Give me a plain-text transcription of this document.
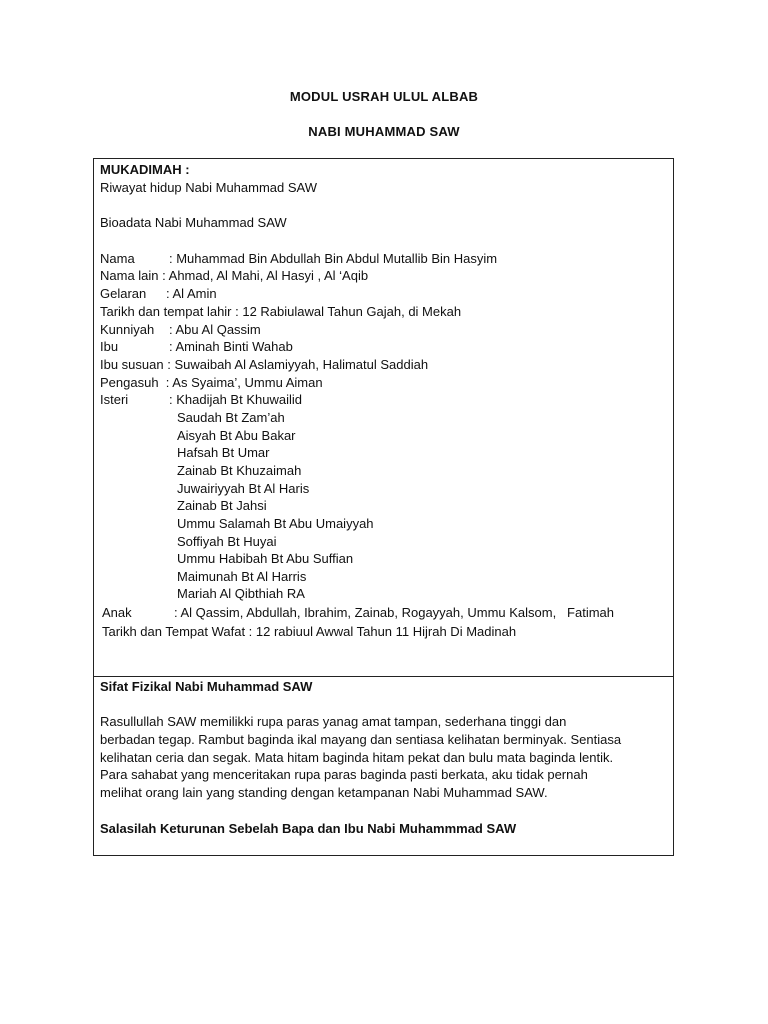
MODUL USRAH ULUL ALBAB
NABI MUHAMMAD SAW
MUKADIMAH :
Riwayat hidup Nabi Muhammad SAW
Bioadata Nabi Muhammad SAW
Nama	: Muhammad Bin Abdullah Bin Abdul Mutallib Bin Hasyim
Nama lain : Ahmad, Al Mahi, Al Hasyi , Al ‘Aqib
Gelaran : Al Amin
Tarikh dan tempat lahir : 12 Rabiulawal Tahun Gajah, di Mekah
Kunniyah : Abu Al Qassim
Ibu	: Aminah Binti Wahab
Ibu susuan : Suwaibah Al Aslamiyyah, Halimatul Saddiah
Pengasuh  : As Syaima’, Ummu Aiman
Isteri	: Khadijah Bt Khuwailid
Saudah Bt Zam’ah
Aisyah Bt Abu Bakar
Hafsah Bt Umar
Zainab Bt Khuzaimah
Juwairiyyah Bt Al Haris
Zainab Bt Jahsi
Ummu Salamah Bt Abu Umaiyyah
Soffiyah Bt Huyai
Ummu Habibah Bt Abu Suffian
Maimunah Bt Al Harris
Mariah Al Qibthiah RA
Anak	: Al Qassim, Abdullah, Ibrahim, Zainab, Rogayyah, Ummu Kalsom,   Fatimah
Tarikh dan Tempat Wafat : 12 rabiuul Awwal Tahun 11 Hijrah Di Madinah
Sifat Fizikal Nabi Muhammad SAW
Rasullullah SAW memilikki rupa paras yanag amat tampan, sederhana tinggi dan
berbadan tegap. Rambut baginda ikal mayang dan sentiasa kelihatan berminyak. Sentiasa
kelihatan ceria dan segak. Mata hitam baginda hitam pekat dan bulu mata baginda lentik.
Para sahabat yang menceritakan rupa paras baginda pasti berkata, aku tidak pernah
melihat orang lain yang standing dengan ketampanan Nabi Muhammad SAW.
Salasilah Keturunan Sebelah Bapa dan Ibu Nabi Muhammmad SAW
